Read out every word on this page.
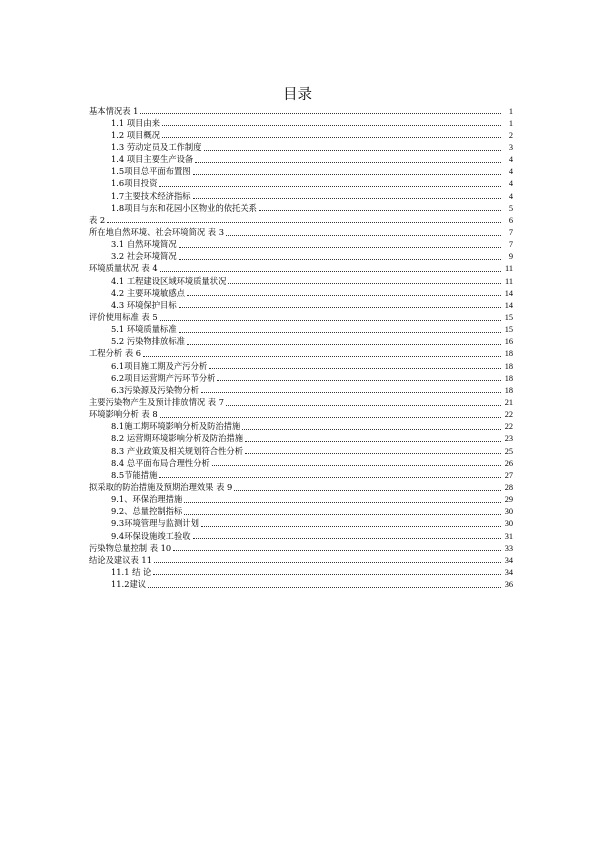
目录
基本情况表 1	1
1.1 项目由来	1
1.2 项目概况	2
1.3 劳动定员及工作制度	3
1.4 项目主要生产设备	4
1.5项目总平面布置图	4
1.6项目投资	4
1.7主要技术经济指标	4
1.8项目与东和花园小区物业的依托关系	5
表 2	6
所在地自然环境、社会环境简况 表 3	7
3.1 自然环境简况	7
3.2 社会环境简况	9
环境质量状况 表 4	11
4.1 工程建设区域环境质量状况	11
4.2 主要环境敏感点	14
4.3 环境保护目标	14
评价使用标准 表 5	15
5.1 环境质量标准	15
5.2 污染物排放标准	16
工程分析 表 6	18
6.1项目施工期及产污分析	18
6.2项目运营期产污环节分析	18
6.3污染源及污染物分析	18
主要污染物产生及预计排放情况 表 7	21
环境影响分析 表 8	22
8.1施工期环境影响分析及防治措施	22
8.2 运营期环境影响分析及防治措施	23
8.3 产业政策及相关规划符合性分析	25
8.4 总平面布局合理性分析	26
8.5节能措施	27
拟采取的防治措施及预期治理效果 表 9	28
9.1、环保治理措施	29
9.2、总量控制指标	30
9.3环境管理与监测计划	30
9.4环保设施竣工验收	31
污染物总量控制 表 10	33
结论及建议表 11	34
11.1 结 论	34
11.2建议	36
